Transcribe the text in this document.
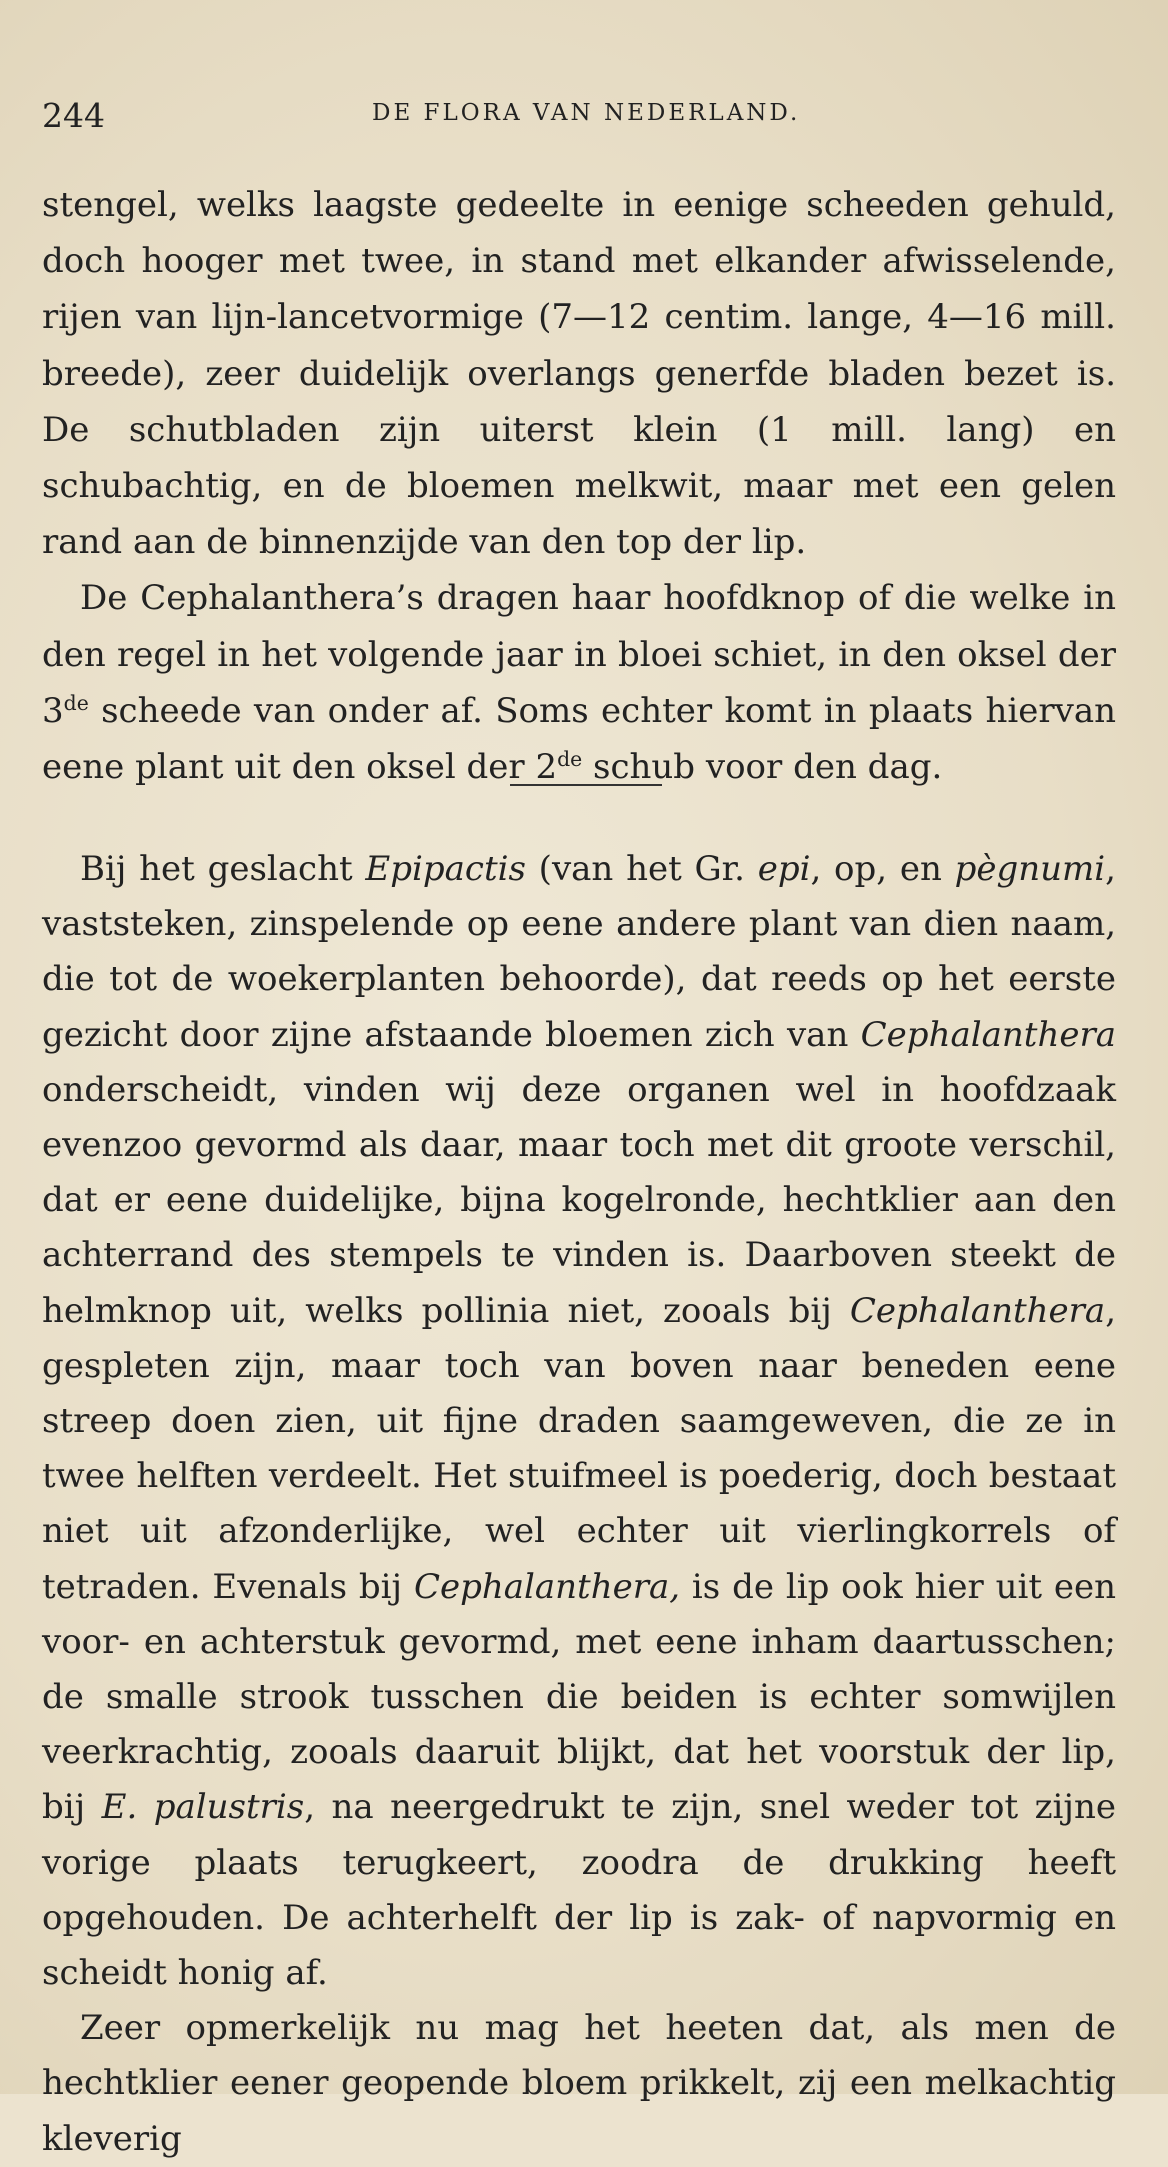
244	DE FLORA VAN NEDERLAND.

stengel, welks laagste gedeelte in eenige scheeden gehuld, doch hooger met twee, in stand met elkander afwisselende, rijen van lijn-lancetvormige (7—12 centim. lange, 4—16 mill. breede), zeer duidelijk overlangs generfde bladen bezet is. De schutbladen zijn uiterst klein (1 mill. lang) en schubachtig, en de bloemen melkwit, maar met een gelen rand aan de binnenzijde van den top der lip.

De Cephalanthera’s dragen haar hoofdknop of die welke in den regel in het volgende jaar in bloei schiet, in den oksel der 3de scheede van onder af. Soms echter komt in plaats hiervan eene plant uit den oksel der 2de schub voor den dag.

Bij het geslacht Epipactis (van het Gr. epi, op, en pègnumi, vaststeken, zinspelende op eene andere plant van dien naam, die tot de woekerplanten behoorde), dat reeds op het eerste gezicht door zijne afstaande bloemen zich van Cephalanthera onderscheidt, vinden wij deze organen wel in hoofdzaak evenzoo gevormd als daar, maar toch met dit groote verschil, dat er eene duidelijke, bijna kogelronde, hechtklier aan den achterrand des stempels te vinden is. Daarboven steekt de helmknop uit, welks pollinia niet, zooals bij Cephalanthera, gespleten zijn, maar toch van boven naar beneden eene streep doen zien, uit fijne draden saamgeweven, die ze in twee helften verdeelt. Het stuifmeel is poederig, doch bestaat niet uit afzonderlijke, wel echter uit vierlingkorrels of tetraden. Evenals bij Cephalanthera, is de lip ook hier uit een voor- en achterstuk gevormd, met eene inham daartusschen; de smalle strook tusschen die beiden is echter somwijlen veerkrachtig, zooals daaruit blijkt, dat het voorstuk der lip, bij E. palustris, na neergedrukt te zijn, snel weder tot zijne vorige plaats terugkeert, zoodra de drukking heeft opgehouden. De achterhelft der lip is zak- of napvormig en scheidt honig af.

Zeer opmerkelijk nu mag het heeten dat, als men de hechtklier eener geopende bloem prikkelt, zij een melkachtig kleverig
